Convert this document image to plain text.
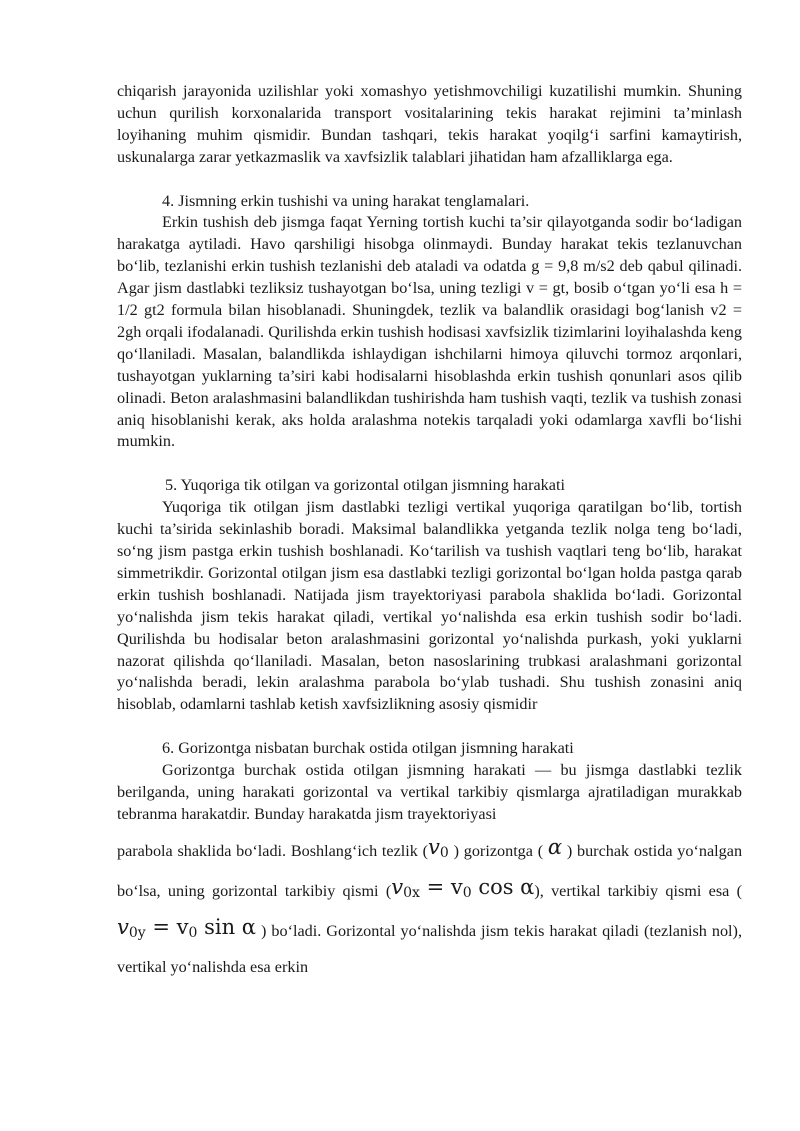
chiqarish jarayonida uzilishlar yoki xomashyo yetishmovchiligi kuzatilishi mumkin. Shuning uchun qurilish korxonalarida transport vositalarining tekis harakat rejimini ta’minlash loyihaning muhim qismidir. Bundan tashqari, tekis harakat yoqilg‘i sarfini kamaytirish, uskunalarga zarar yetkazmaslik va xavfsizlik talablari jihatidan ham afzalliklarga ega.

4. Jismning erkin tushishi va uning harakat tenglamalari.

Erkin tushish deb jismga faqat Yerning tortish kuchi ta’sir qilayotganda sodir bo‘ladigan harakatga aytiladi. Havo qarshiligi hisobga olinmaydi. Bunday harakat tekis tezlanuvchan bo‘lib, tezlanishi erkin tushish tezlanishi deb ataladi va odatda g = 9,8 m/s2 deb qabul qilinadi. Agar jism dastlabki tezliksiz tushayotgan bo‘lsa, uning tezligi v = gt, bosib o‘tgan yo‘li esa h = 1/2 gt2 formula bilan hisoblanadi. Shuningdek, tezlik va balandlik orasidagi bog‘lanish v2 = 2gh orqali ifodalanadi. Qurilishda erkin tushish hodisasi xavfsizlik tizimlarini loyihalashda keng qo‘llaniladi. Masalan, balandlikda ishlaydigan ishchilarni himoya qiluvchi tormoz arqonlari, tushayotgan yuklarning ta’siri kabi hodisalarni hisoblashda erkin tushish qonunlari asos qilib olinadi. Beton aralashmasini balandlikdan tushirishda ham tushish vaqti, tezlik va tushish zonasi aniq hisoblanishi kerak, aks holda aralashma notekis tarqaladi yoki odamlarga xavfli bo‘lishi mumkin.

5. Yuqoriga tik otilgan va gorizontal otilgan jismning harakati

Yuqoriga tik otilgan jism dastlabki tezligi vertikal yuqoriga qaratilgan bo‘lib, tortish kuchi ta’sirida sekinlashib boradi. Maksimal balandlikka yetganda tezlik nolga teng bo‘ladi, so‘ng jism pastga erkin tushish boshlanadi. Ko‘tarilish va tushish vaqtlari teng bo‘lib, harakat simmetrikdir. Gorizontal otilgan jism esa dastlabki tezligi gorizontal bo‘lgan holda pastga qarab erkin tushish boshlanadi. Natijada jism trayektoriyasi parabola shaklida bo‘ladi. Gorizontal yo‘nalishda jism tekis harakat qiladi, vertikal yo‘nalishda esa erkin tushish sodir bo‘ladi. Qurilishda bu hodisalar beton aralashmasini gorizontal yo‘nalishda purkash, yoki yuklarni nazorat qilishda qo‘llaniladi. Masalan, beton nasoslarining trubkasi aralashmani gorizontal yo‘nalishda beradi, lekin aralashma parabola bo‘ylab tushadi. Shu tushish zonasini aniq hisoblab, odamlarni tashlab ketish xavfsizlikning asosiy qismidir

6. Gorizontga nisbatan burchak ostida otilgan jismning harakati

Gorizontga burchak ostida otilgan jismning harakati — bu jismga dastlabki tezlik berilganda, uning harakati gorizontal va vertikal tarkibiy qismlarga ajratiladigan murakkab tebranma harakatdir. Bunday harakatda jism trayektoriyasi

parabola shaklida bo‘ladi. Boshlang‘ich tezlik ($v_0$ ) gorizontga ( α ) burchak ostida yo‘nalgan bo‘lsa, uning gorizontal tarkibiy qismi ($v_{0x} = v_0$ cos α), vertikal tarkibiy qismi esa ($v_{0y} = v_0$ sin α ) bo‘ladi. Gorizontal yo‘nalishda jism tekis harakat qiladi (tezlanish nol), vertikal yo‘nalishda esa erkin
